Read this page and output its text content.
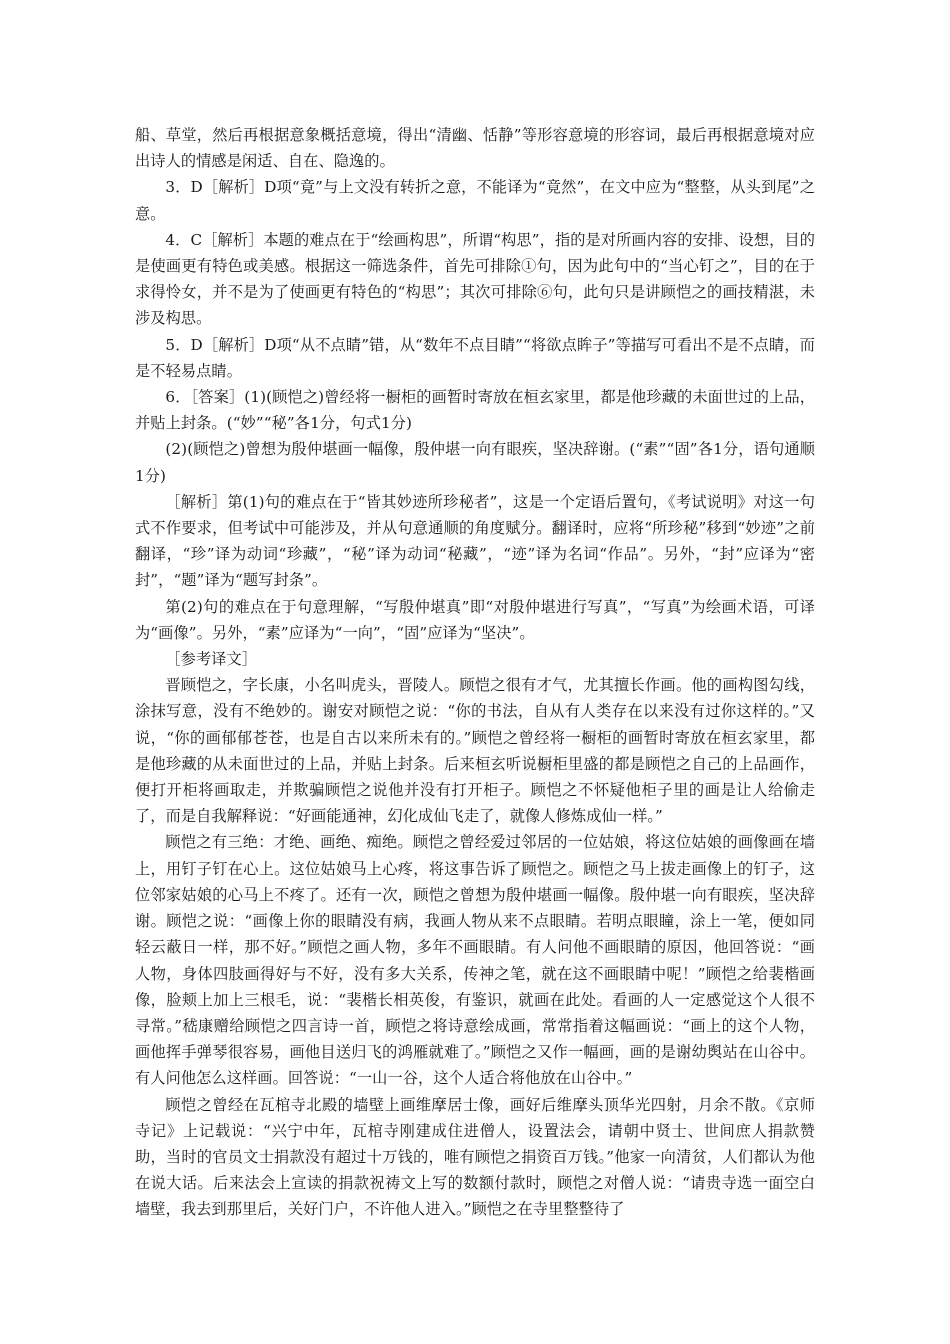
船、草堂，然后再根据意象概括意境，得出“清幽、恬静”等形容意境的形容词，最后再根据意境对应出诗人的情感是闲适、自在、隐逸的。

3．D［解析］D项“竟”与上文没有转折之意，不能译为“竟然”，在文中应为“整整，从头到尾”之意。

4．C［解析］本题的难点在于“绘画构思”，所谓“构思”，指的是对所画内容的安排、设想，目的是使画更有特色或美感。根据这一筛选条件，首先可排除①句，因为此句中的“当心钉之”，目的在于求得怜女，并不是为了使画更有特色的“构思”；其次可排除⑥句，此句只是讲顾恺之的画技精湛，未涉及构思。

5．D［解析］D项“从不点睛”错，从“数年不点目睛”“将欲点眸子”等描写可看出不是不点睛，而是不轻易点睛。

6．［答案］(1)(顾恺之)曾经将一橱柜的画暂时寄放在桓玄家里，都是他珍藏的未面世过的上品，并贴上封条。(“妙”“秘”各1分，句式1分)

(2)(顾恺之)曾想为殷仲堪画一幅像，殷仲堪一向有眼疾，坚决辞谢。(“素”“固”各1分，语句通顺1分)

［解析］第(1)句的难点在于“皆其妙迹所珍秘者”，这是一个定语后置句，《考试说明》对这一句式不作要求，但考试中可能涉及，并从句意通顺的角度赋分。翻译时，应将“所珍秘”移到“妙迹”之前翻译，“珍”译为动词“珍藏”，“秘”译为动词“秘藏”，“迹”译为名词“作品”。另外，“封”应译为“密封”，“题”译为“题写封条”。

第(2)句的难点在于句意理解，“写殷仲堪真”即“对殷仲堪进行写真”，“写真”为绘画术语，可译为“画像”。另外，“素”应译为“一向”，“固”应译为“坚决”。

［参考译文］

晋顾恺之，字长康，小名叫虎头，晋陵人。顾恺之很有才气，尤其擅长作画。他的画构图勾线，涂抹写意，没有不绝妙的。谢安对顾恺之说：“你的书法，自从有人类存在以来没有过你这样的。”又说，“你的画郁郁苍苍，也是自古以来所未有的。”顾恺之曾经将一橱柜的画暂时寄放在桓玄家里，都是他珍藏的从未面世过的上品，并贴上封条。后来桓玄听说橱柜里盛的都是顾恺之自己的上品画作，便打开柜将画取走，并欺骗顾恺之说他并没有打开柜子。顾恺之不怀疑他柜子里的画是让人给偷走了，而是自我解释说：“好画能通神，幻化成仙飞走了，就像人修炼成仙一样。”

顾恺之有三绝：才绝、画绝、痴绝。顾恺之曾经爱过邻居的一位姑娘，将这位姑娘的画像画在墙上，用钉子钉在心上。这位姑娘马上心疼，将这事告诉了顾恺之。顾恺之马上拔走画像上的钉子，这位邻家姑娘的心马上不疼了。还有一次，顾恺之曾想为殷仲堪画一幅像。殷仲堪一向有眼疾，坚决辞谢。顾恺之说：“画像上你的眼睛没有病，我画人物从来不点眼睛。若明点眼瞳，涂上一笔，便如同轻云蔽日一样，那不好。”顾恺之画人物，多年不画眼睛。有人问他不画眼睛的原因，他回答说：“画人物，身体四肢画得好与不好，没有多大关系，传神之笔，就在这不画眼睛中呢！”顾恺之给裴楷画像，脸颊上加上三根毛，说：“裴楷长相英俊，有鉴识，就画在此处。看画的人一定感觉这个人很不寻常。”嵇康赠给顾恺之四言诗一首，顾恺之将诗意绘成画，常常指着这幅画说：“画上的这个人物，画他挥手弹琴很容易，画他目送归飞的鸿雁就难了。”顾恺之又作一幅画，画的是谢幼舆站在山谷中。有人问他怎么这样画。回答说：“一山一谷，这个人适合将他放在山谷中。”

顾恺之曾经在瓦棺寺北殿的墙壁上画维摩居士像，画好后维摩头顶华光四射，月余不散。《京师寺记》上记载说：“兴宁中年，瓦棺寺刚建成住进僧人，设置法会，请朝中贤士、世间庶人捐款赞助，当时的官员文士捐款没有超过十万钱的，唯有顾恺之捐资百万钱。”他家一向清贫，人们都认为他在说大话。后来法会上宣读的捐款祝祷文上写的数额付款时，顾恺之对僧人说：“请贵寺选一面空白墙壁，我去到那里后，关好门户，不许他人进入。”顾恺之在寺里整整待了
